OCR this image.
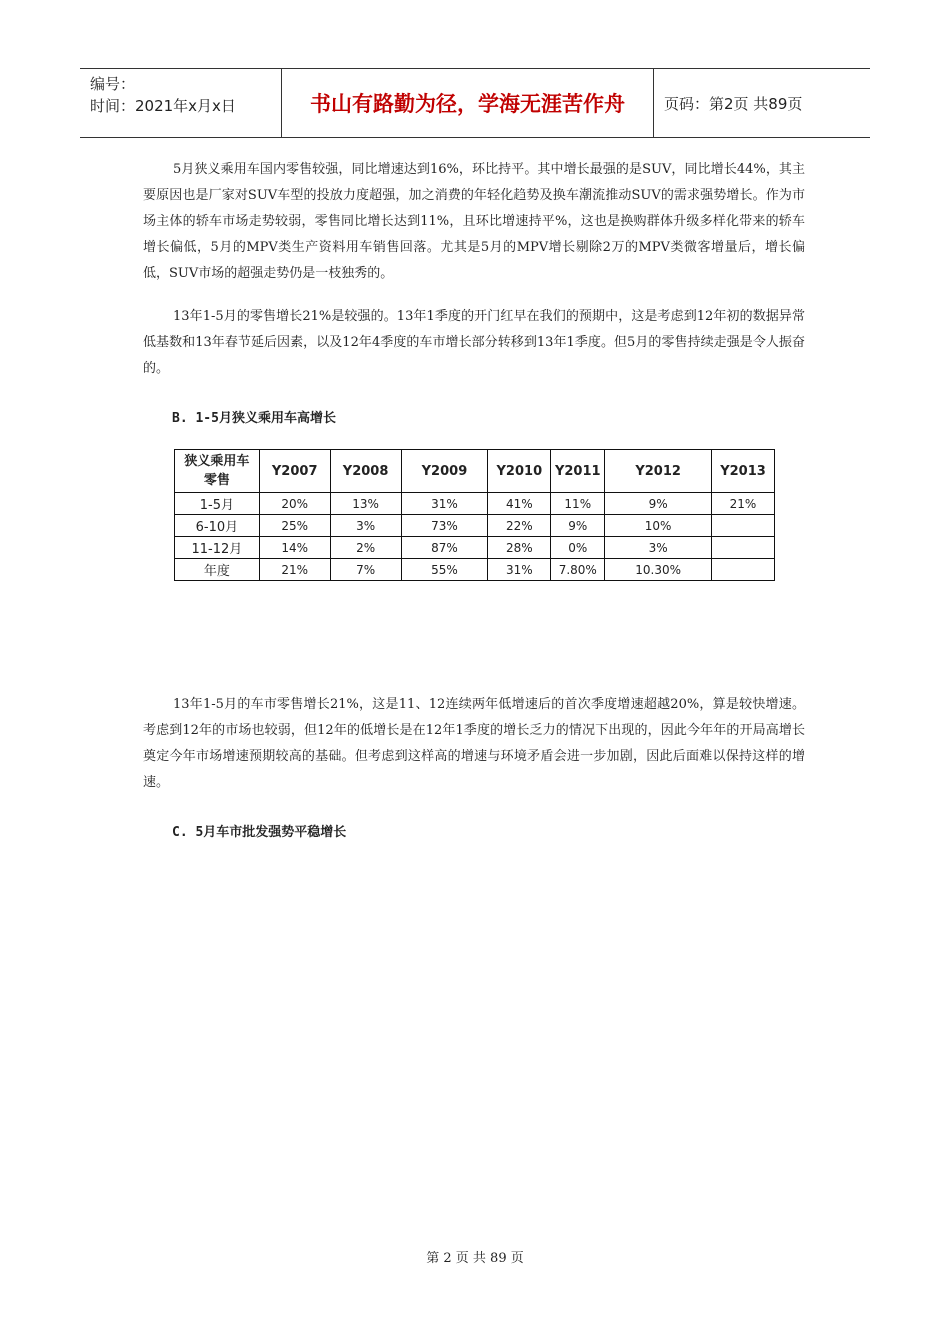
编号：
时间：2021年x月x日	书山有路勤为径，学海无涯苦作舟	页码：第2页 共89页

5月狭义乘用车国内零售较强，同比增速达到16%，环比持平。其中增长最强的是SUV，同比增长44%，其主要原因也是厂家对SUV车型的投放力度超强，加之消费的年轻化趋势及换车潮流推动SUV的需求强势增长。作为市场主体的轿车市场走势较弱，零售同比增长达到11%，且环比增速持平%，这也是换购群体升级多样化带来的轿车增长偏低，5月的MPV类生产资料用车销售回落。尤其是5月的MPV增长剔除2万的MPV类微客增量后，增长偏低，SUV市场的超强走势仍是一枝独秀的。

13年1-5月的零售增长21%是较强的。13年1季度的开门红早在我们的预期中，这是考虑到12年初的数据异常低基数和13年春节延后因素，以及12年4季度的车市增长部分转移到13年1季度。但5月的零售持续走强是令人振奋的。

B. 1-5月狭义乘用车高增长

狭义乘用车
零售	Y2007	Y2008	Y2009	Y2010	Y2011	Y2012	Y2013
1-5月	20%	13%	31%	41%	11%	9%	21%
6-10月	25%	3%	73%	22%	9%	10%	
11-12月	14%	2%	87%	28%	0%	3%	
年度	21%	7%	55%	31%	7.80%	10.30%	

13年1-5月的车市零售增长21%，这是11、12连续两年低增速后的首次季度增速超越20%，算是较快增速。考虑到12年的市场也较弱，但12年的低增长是在12年1季度的增长乏力的情况下出现的，因此今年年的开局高增长奠定今年市场增速预期较高的基础。但考虑到这样高的增速与环境矛盾会进一步加剧，因此后面难以保持这样的增速。

C. 5月车市批发强势平稳增长

第 2 页 共 89 页
